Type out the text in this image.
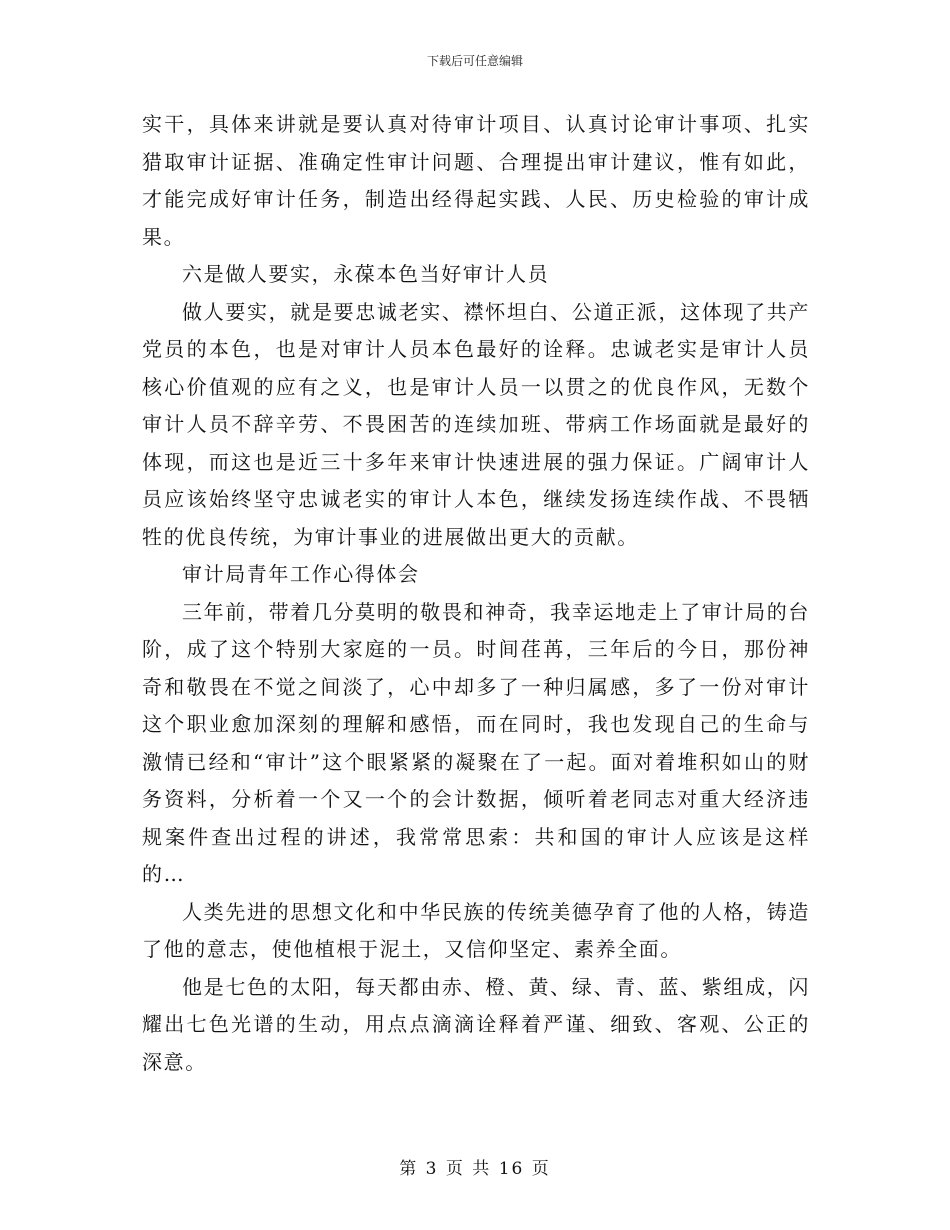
下载后可任意编辑

实干，具体来讲就是要认真对待审计项目、认真讨论审计事项、扎实猎取审计证据、准确定性审计问题、合理提出审计建议，惟有如此，才能完成好审计任务，制造出经得起实践、人民、历史检验的审计成果。

六是做人要实，永葆本色当好审计人员

做人要实，就是要忠诚老实、襟怀坦白、公道正派，这体现了共产党员的本色，也是对审计人员本色最好的诠释。忠诚老实是审计人员核心价值观的应有之义，也是审计人员一以贯之的优良作风，无数个审计人员不辞辛劳、不畏困苦的连续加班、带病工作场面就是最好的体现，而这也是近三十多年来审计快速进展的强力保证。广阔审计人员应该始终坚守忠诚老实的审计人本色，继续发扬连续作战、不畏牺牲的优良传统，为审计事业的进展做出更大的贡献。

审计局青年工作心得体会

三年前，带着几分莫明的敬畏和神奇，我幸运地走上了审计局的台阶，成了这个特别大家庭的一员。时间荏苒，三年后的今日，那份神奇和敬畏在不觉之间淡了，心中却多了一种归属感，多了一份对审计这个职业愈加深刻的理解和感悟，而在同时，我也发现自己的生命与激情已经和“审计”这个眼紧紧的凝聚在了一起。面对着堆积如山的财务资料，分析着一个又一个的会计数据，倾听着老同志对重大经济违规案件查出过程的讲述，我常常思索：共和国的审计人应该是这样的…

人类先进的思想文化和中华民族的传统美德孕育了他的人格，铸造了他的意志，使他植根于泥土，又信仰坚定、素养全面。

他是七色的太阳，每天都由赤、橙、黄、绿、青、蓝、紫组成，闪耀出七色光谱的生动，用点点滴滴诠释着严谨、细致、客观、公正的深意。

第 3 页 共 16 页
